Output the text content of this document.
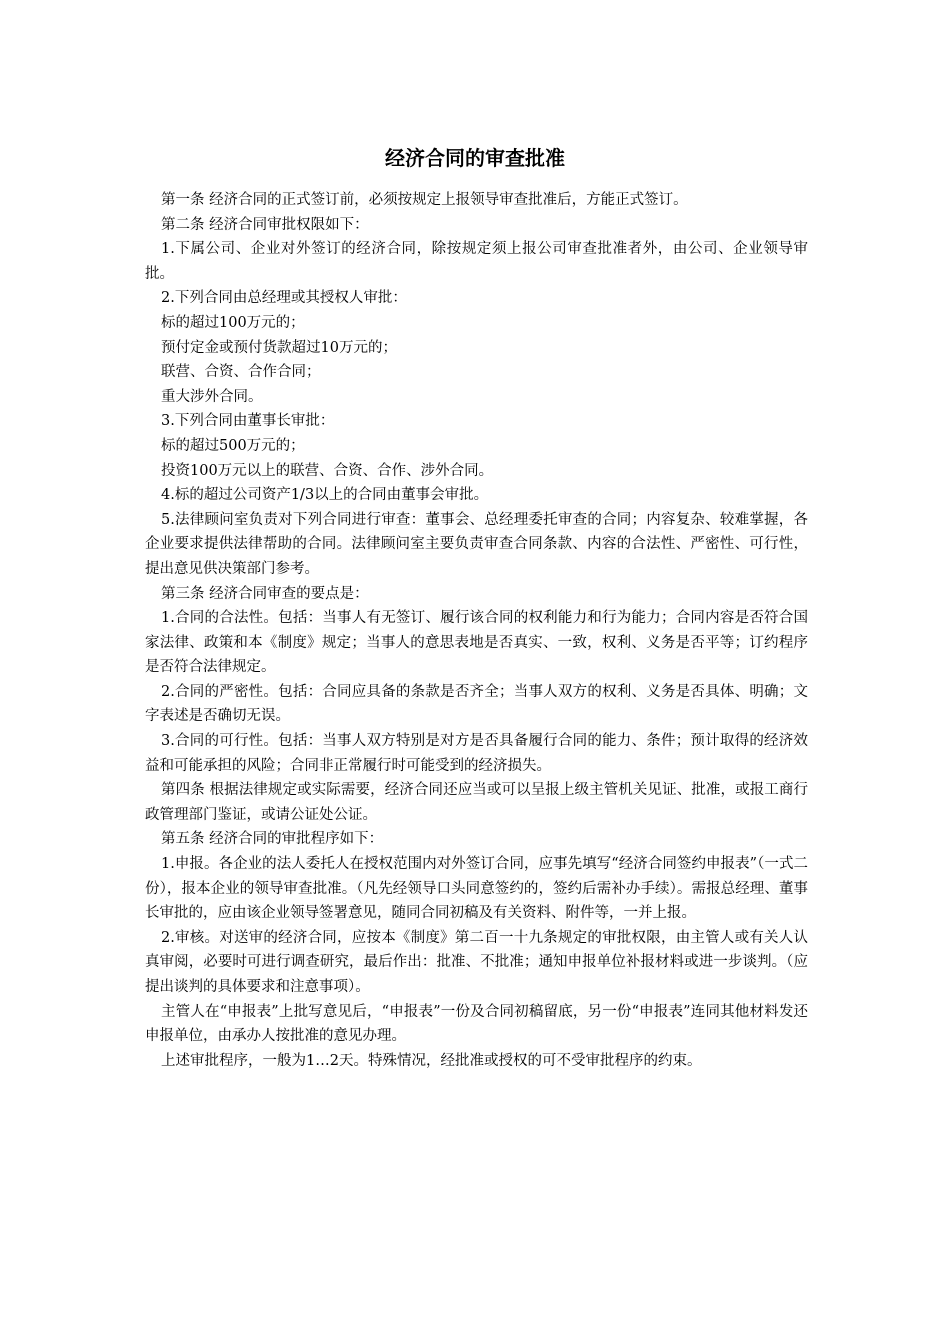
经济合同的审查批准

第一条 经济合同的正式签订前，必须按规定上报领导审查批准后，方能正式签订。

第二条 经济合同审批权限如下：

1.下属公司、企业对外签订的经济合同，除按规定须上报公司审查批准者外，由公司、企业领导审批。

2.下列合同由总经理或其授权人审批：

标的超过100万元的；

预付定金或预付货款超过10万元的；

联营、合资、合作合同；

重大涉外合同。

3.下列合同由董事长审批：

标的超过500万元的；

投资100万元以上的联营、合资、合作、涉外合同。

4.标的超过公司资产1/3以上的合同由董事会审批。

5.法律顾问室负责对下列合同进行审查：董事会、总经理委托审查的合同；内容复杂、较难掌握，各企业要求提供法律帮助的合同。法律顾问室主要负责审查合同条款、内容的合法性、严密性、可行性，提出意见供决策部门参考。

第三条 经济合同审查的要点是：

1.合同的合法性。包括：当事人有无签订、履行该合同的权利能力和行为能力；合同内容是否符合国家法律、政策和本《制度》规定；当事人的意思表地是否真实、一致，权利、义务是否平等；订约程序是否符合法律规定。

2.合同的严密性。包括：合同应具备的条款是否齐全；当事人双方的权利、义务是否具体、明确；文字表述是否确切无误。

3.合同的可行性。包括：当事人双方特别是对方是否具备履行合同的能力、条件；预计取得的经济效益和可能承担的风险；合同非正常履行时可能受到的经济损失。

第四条 根据法律规定或实际需要，经济合同还应当或可以呈报上级主管机关见证、批准，或报工商行政管理部门鉴证，或请公证处公证。

第五条 经济合同的审批程序如下：

1.申报。各企业的法人委托人在授权范围内对外签订合同，应事先填写“经济合同签约申报表”（一式二份），报本企业的领导审查批准。（凡先经领导口头同意签约的，签约后需补办手续）。需报总经理、董事长审批的，应由该企业领导签署意见，随同合同初稿及有关资料、附件等，一并上报。

2.审核。对送审的经济合同，应按本《制度》第二百一十九条规定的审批权限，由主管人或有关人认真审阅，必要时可进行调查研究，最后作出：批准、不批准；通知申报单位补报材料或进一步谈判。（应提出谈判的具体要求和注意事项）。

主管人在“申报表”上批写意见后，“申报表”一份及合同初稿留底，另一份“申报表”连同其他材料发还申报单位，由承办人按批准的意见办理。

上述审批程序，一般为1…2天。特殊情况，经批准或授权的可不受审批程序的约束。
